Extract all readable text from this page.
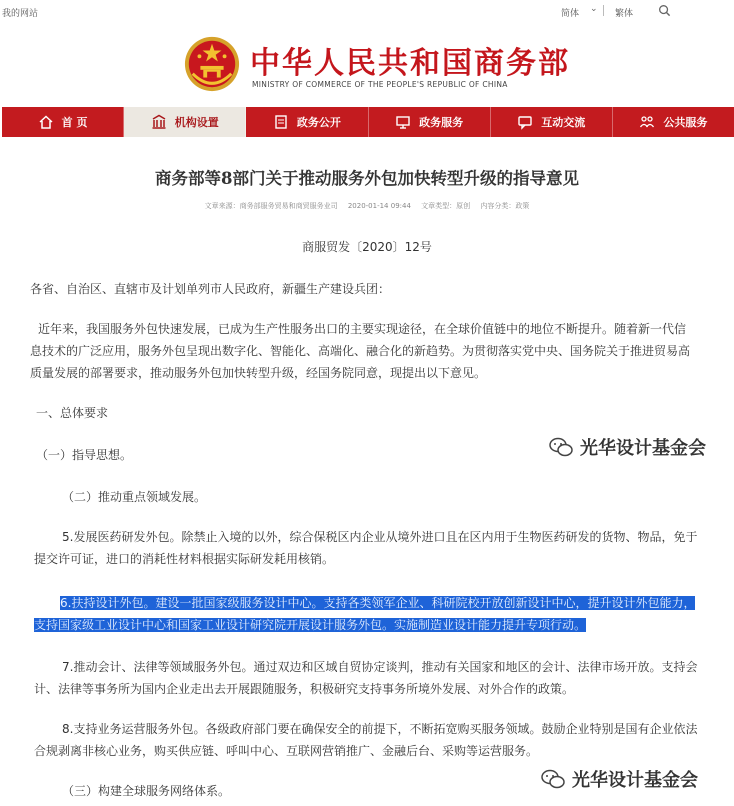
我的网站	简体 ⌄ 繁体
中华人民共和国商务部
MINISTRY OF COMMERCE OF THE PEOPLE'S REPUBLIC OF CHINA
首 页	机构设置	政务公开	政务服务	互动交流	公共服务
商务部等8部门关于推动服务外包加快转型升级的指导意见
文章来源：商务部服务贸易和商贸服务业司 2020-01-14 09:44 文章类型：原创 内容分类：政策
商服贸发〔2020〕12号
各省、自治区、直辖市及计划单列市人民政府，新疆生产建设兵团：
近年来，我国服务外包快速发展，已成为生产性服务出口的主要实现途径，在全球价值链中的地位不断提升。随着新一代信
息技术的广泛应用，服务外包呈现出数字化、智能化、高端化、融合化的新趋势。为贯彻落实党中央、国务院关于推进贸易高
质量发展的部署要求，推动服务外包加快转型升级，经国务院同意，现提出以下意见。
一、总体要求
（一）指导思想。
（二）推动重点领域发展。
5.发展医药研发外包。除禁止入境的以外，综合保税区内企业从境外进口且在区内用于生物医药研发的货物、物品，免于
提交许可证，进口的消耗性材料根据实际研发耗用核销。
6.扶持设计外包。建设一批国家级服务设计中心。支持各类领军企业、科研院校开放创新设计中心，提升设计外包能力，
支持国家级工业设计中心和国家工业设计研究院开展设计服务外包。实施制造业设计能力提升专项行动。
7.推动会计、法律等领域服务外包。通过双边和区域自贸协定谈判，推动有关国家和地区的会计、法律市场开放。支持会
计、法律等事务所为国内企业走出去开展跟随服务，积极研究支持事务所境外发展、对外合作的政策。
8.支持业务运营服务外包。各级政府部门要在确保安全的前提下，不断拓宽购买服务领域。鼓励企业特别是国有企业依法
合规剥离非核心业务，购买供应链、呼叫中心、互联网营销推广、金融后台、采购等运营服务。
（三）构建全球服务网络体系。
光华设计基金会
光华设计基金会
